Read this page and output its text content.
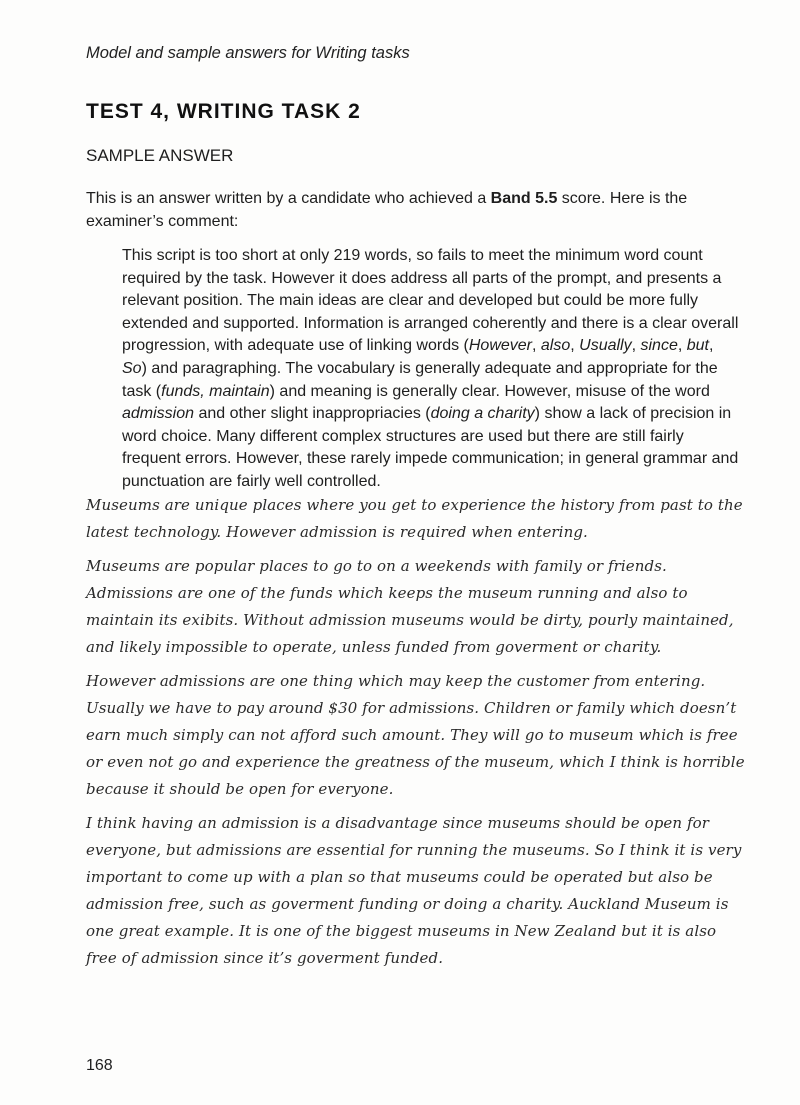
Model and sample answers for Writing tasks
TEST 4, WRITING TASK 2
SAMPLE ANSWER
This is an answer written by a candidate who achieved a Band 5.5 score. Here is the examiner’s comment:

This script is too short at only 219 words, so fails to meet the minimum word count required by the task. However it does address all parts of the prompt, and presents a relevant position. The main ideas are clear and developed but could be more fully extended and supported. Information is arranged coherently and there is a clear overall progression, with adequate use of linking words (However, also, Usually, since, but, So) and paragraphing. The vocabulary is generally adequate and appropriate for the task (funds, maintain) and meaning is generally clear. However, misuse of the word admission and other slight inappropriacies (doing a charity) show a lack of precision in word choice. Many different complex structures are used but there are still fairly frequent errors. However, these rarely impede communication; in general grammar and punctuation are fairly well controlled.

Museums are unique places where you get to experience the history from past to the latest technology. However admission is required when entering.

Museums are popular places to go to on a weekends with family or friends. Admissions are one of the funds which keeps the museum running and also to maintain its exibits. Without admission museums would be dirty, pourly maintained, and likely impossible to operate, unless funded from goverment or charity.

However admissions are one thing which may keep the customer from entering. Usually we have to pay around $30 for admissions. Children or family which doesn’t earn much simply can not afford such amount. They will go to museum which is free or even not go and experience the greatness of the museum, which I think is horrible because it should be open for everyone.

I think having an admission is a disadvantage since museums should be open for everyone, but admissions are essential for running the museums. So I think it is very important to come up with a plan so that museums could be operated but also be admission free, such as goverment funding or doing a charity. Auckland Museum is one great example. It is one of the biggest museums in New Zealand but it is also free of admission since it’s goverment funded.

168
